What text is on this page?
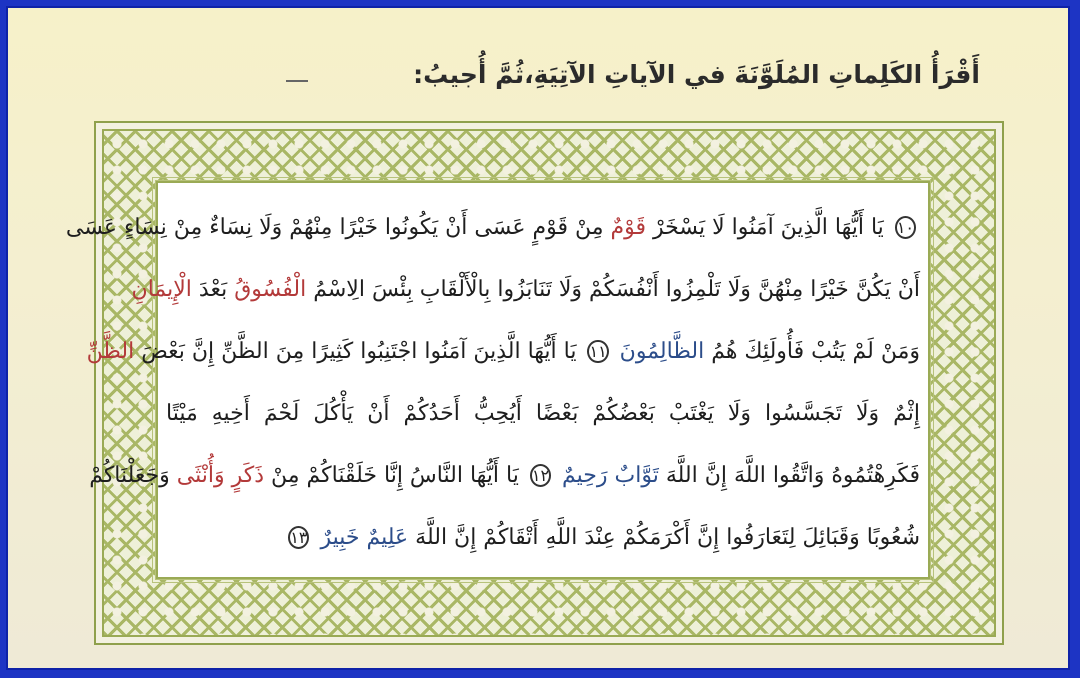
أَقْرَأُ الكَلِماتِ المُلَوَّنَةَ في الآياتِ الآتِيَةِ،ثُمَّ أُجيبُ:
١٠ يَا أَيُّهَا الَّذِينَ آمَنُوا لَا يَسْخَرْ قَوْمٌ مِنْ قَوْمٍ عَسَى أَنْ يَكُونُوا خَيْرًا مِنْهُمْ وَلَا نِسَاءٌ مِنْ نِسَاءٍ عَسَى
أَنْ يَكُنَّ خَيْرًا مِنْهُنَّ وَلَا تَلْمِزُوا أَنْفُسَكُمْ وَلَا تَنَابَزُوا بِالْأَلْقَابِ بِئْسَ الِاسْمُ الْفُسُوقُ بَعْدَ الْإِيمَانِ
وَمَنْ لَمْ يَتُبْ فَأُولَئِكَ هُمُ الظَّالِمُونَ ١١ يَا أَيُّهَا الَّذِينَ آمَنُوا اجْتَنِبُوا كَثِيرًا مِنَ الظَّنِّ إِنَّ بَعْضَ الظَّنِّ
إِثْمٌ وَلَا تَجَسَّسُوا وَلَا يَغْتَبْ بَعْضُكُمْ بَعْضًا أَيُحِبُّ أَحَدُكُمْ أَنْ يَأْكُلَ لَحْمَ أَخِيهِ مَيْتًا
فَكَرِهْتُمُوهُ وَاتَّقُوا اللَّهَ إِنَّ اللَّهَ تَوَّابٌ رَحِيمٌ ١٢ يَا أَيُّهَا النَّاسُ إِنَّا خَلَقْنَاكُمْ مِنْ ذَكَرٍ وَأُنْثَى وَجَعَلْنَاكُمْ
شُعُوبًا وَقَبَائِلَ لِتَعَارَفُوا إِنَّ أَكْرَمَكُمْ عِنْدَ اللَّهِ أَتْقَاكُمْ إِنَّ اللَّهَ عَلِيمٌ خَبِيرٌ ١٣
